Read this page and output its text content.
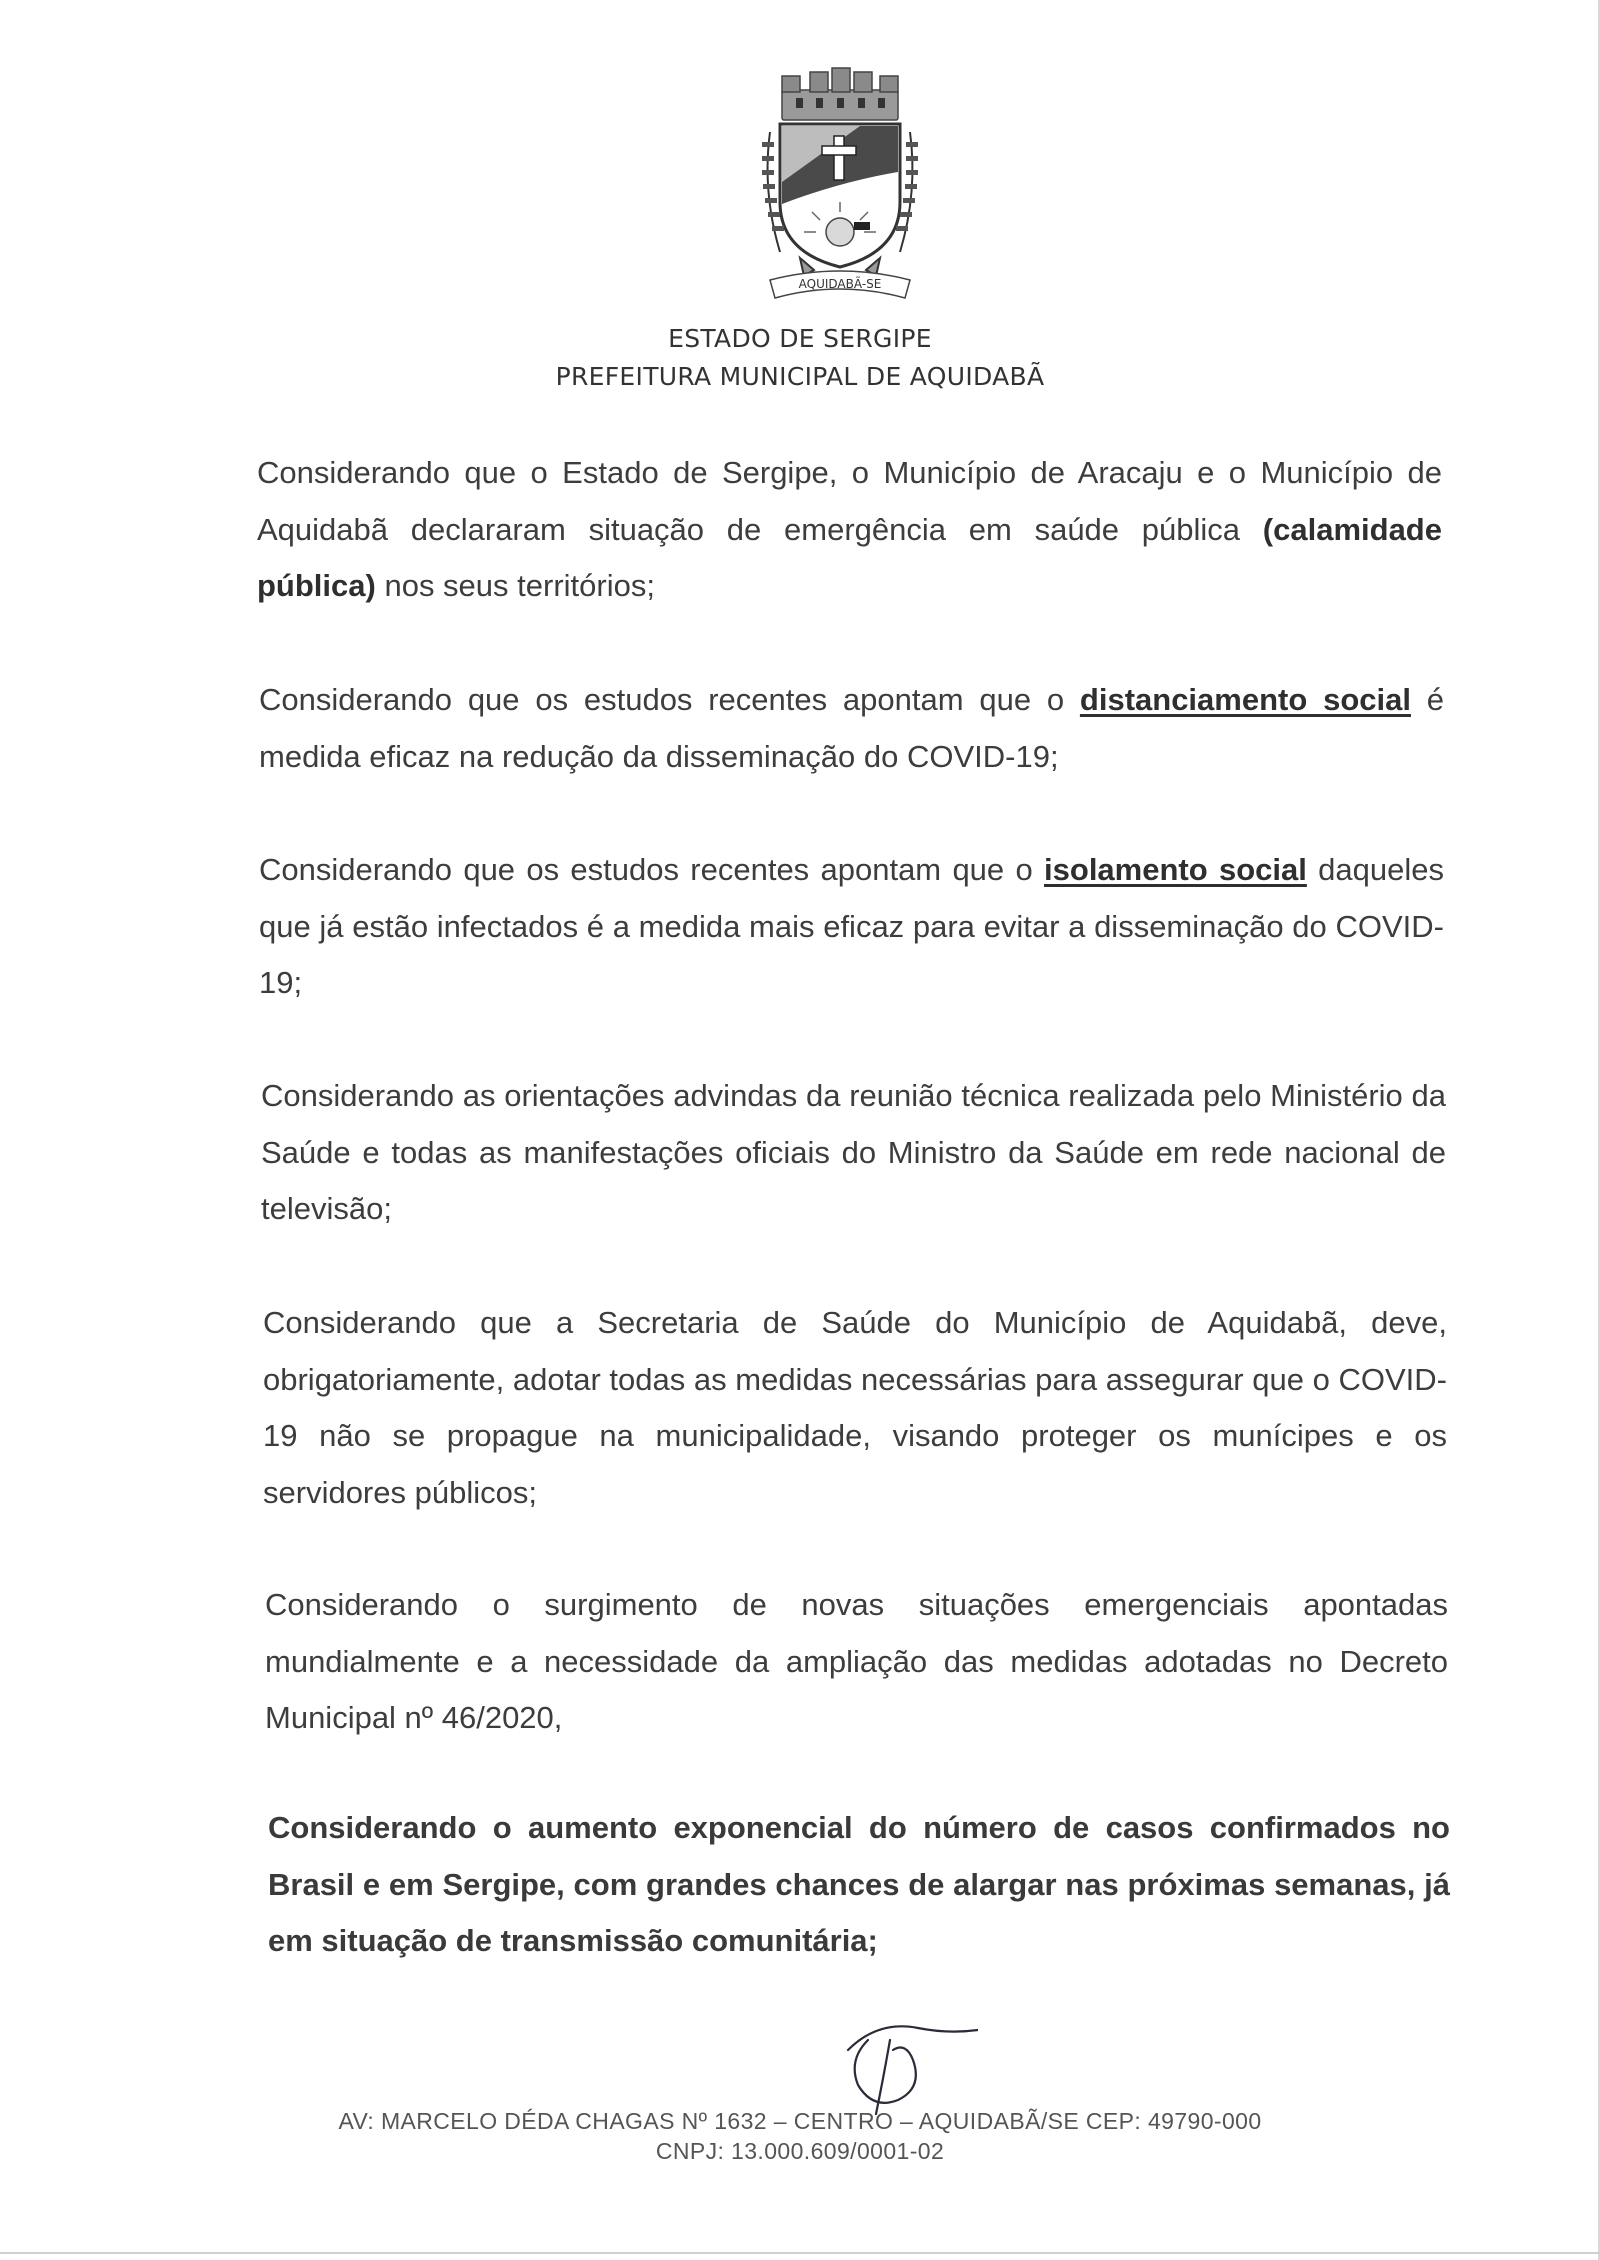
AQUIDABÃ-SE
ESTADO DE SERGIPE
PREFEITURA MUNICIPAL DE AQUIDABÃ
Considerando que o Estado de Sergipe, o Município de Aracaju e o Município de Aquidabã declararam situação de emergência em saúde pública (calamidade pública) nos seus territórios;
Considerando que os estudos recentes apontam que o distanciamento social é medida eficaz na redução da disseminação do COVID-19;
Considerando que os estudos recentes apontam que o isolamento social daqueles que já estão infectados é a medida mais eficaz para evitar a disseminação do COVID-19;
Considerando as orientações advindas da reunião técnica realizada pelo Ministério da Saúde e todas as manifestações oficiais do Ministro da Saúde em rede nacional de televisão;
Considerando que a Secretaria de Saúde do Município de Aquidabã, deve, obrigatoriamente, adotar todas as medidas necessárias para assegurar que o COVID-19 não se propague na municipalidade, visando proteger os munícipes e os servidores públicos;
Considerando o surgimento de novas situações emergenciais apontadas mundialmente e a necessidade da ampliação das medidas adotadas no Decreto Municipal nº 46/2020,
Considerando o aumento exponencial do número de casos confirmados no Brasil e em Sergipe, com grandes chances de alargar nas próximas semanas, já em situação de transmissão comunitária;
AV: MARCELO DÉDA CHAGAS Nº 1632 – CENTRO – AQUIDABÃ/SE CEP: 49790-000
CNPJ: 13.000.609/0001-02
